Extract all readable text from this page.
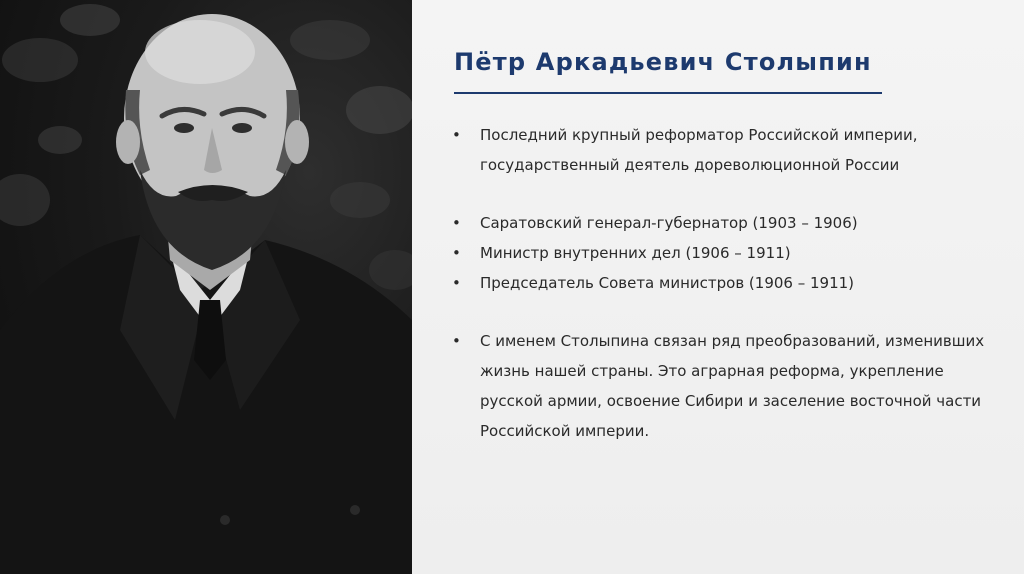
Пётр Аркадьевич Столыпин
• Последний крупный реформатор Российской империи, государственный деятель дореволюционной России
• Саратовский генерал-губернатор (1903 – 1906)
• Министр внутренних дел (1906 – 1911)
• Председатель Совета министров (1906 – 1911)
• С именем Столыпина связан ряд преобразований, изменивших жизнь нашей страны. Это аграрная реформа, укрепление русской армии, освоение Сибири и заселение восточной части Российской империи.
